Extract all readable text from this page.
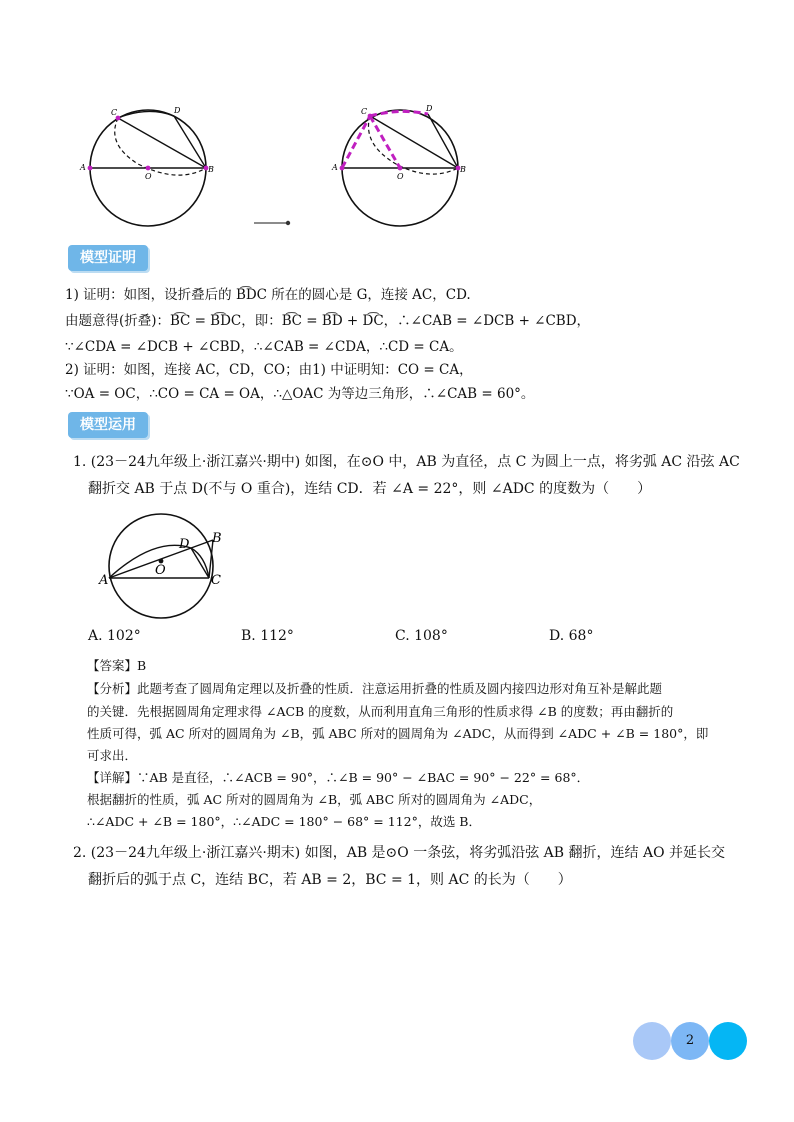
A	B
C	D
O
A	B
C	D
O
模型证明
1) 证明：如图，设折叠后的 B͡DC 所在的圆心是 G，连接 AC，CD.
由题意得(折叠)：B͡C = B͡DC，即：B͡C = B͡D + D͡C，∴∠CAB = ∠DCB + ∠CBD，
∵∠CDA = ∠DCB + ∠CBD，∴∠CAB = ∠CDA，∴CD = CA。
2) 证明：如图，连接 AC，CD，CO；由1) 中证明知：CO = CA，
∵OA = OC，∴CO = CA = OA，∴△OAC 为等边三角形，∴∠CAB = 60°。
模型运用
1. (23－24九年级上·浙江嘉兴·期中) 如图，在⊙O 中，AB 为直径，点 C 为圆上一点，将劣弧 AC 沿弦 AC
翻折交 AB 于点 D(不与 O 重合)，连结 CD．若 ∠A = 22°，则 ∠ADC 的度数为（　　）
A
B
C
D
O
A. 102°	B. 112°	C. 108°	D. 68°
【答案】B
【分析】此题考查了圆周角定理以及折叠的性质．注意运用折叠的性质及圆内接四边形对角互补是解此题
的关键．先根据圆周角定理求得 ∠ACB 的度数，从而利用直角三角形的性质求得 ∠B 的度数；再由翻折的
性质可得，弧 AC 所对的圆周角为 ∠B，弧 ABC 所对的圆周角为 ∠ADC，从而得到 ∠ADC + ∠B = 180°，即
可求出．
【详解】∵AB 是直径，∴∠ACB = 90°，∴∠B = 90° − ∠BAC = 90° − 22° = 68°．
根据翻折的性质，弧 AC 所对的圆周角为 ∠B，弧 ABC 所对的圆周角为 ∠ADC，
∴∠ADC + ∠B = 180°，∴∠ADC = 180° − 68° = 112°，故选 B．
2. (23－24九年级上·浙江嘉兴·期末) 如图，AB 是⊙O 一条弦，将劣弧沿弦 AB 翻折，连结 AO 并延长交
翻折后的弧于点 C，连结 BC，若 AB = 2，BC = 1，则 AC 的长为（　　）
2
